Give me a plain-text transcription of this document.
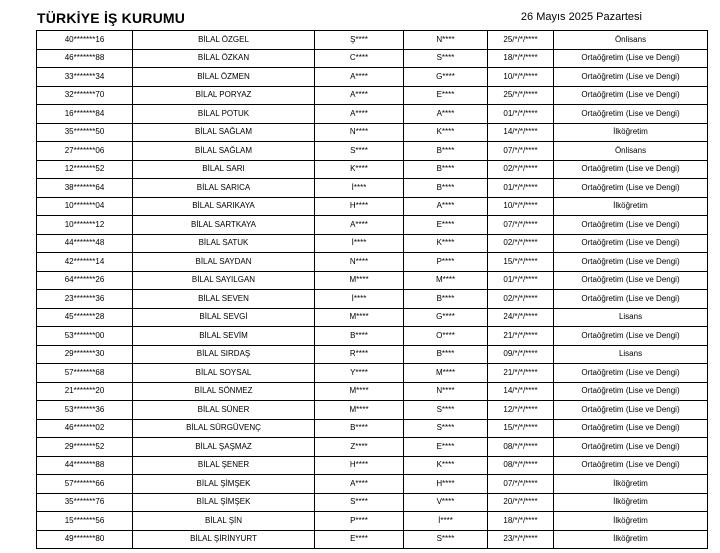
TÜRKİYE İŞ KURUMU	26 Mayıs 2025 Pazartesi
40*******16	BİLAL ÖZGEL	Ş****	N****	25/*/*/****	Önlisans
46*******88	BİLAL ÖZKAN	C****	S****	18/*/*/****	Ortaöğretim (Lise ve Dengi)
33*******34	BİLAL ÖZMEN	A****	G****	10/*/*/****	Ortaöğretim (Lise ve Dengi)
32*******70	BİLAL PORYAZ	A****	E****	25/*/*/****	Ortaöğretim (Lise ve Dengi)
16*******84	BİLAL POTUK	A****	A****	01/*/*/****	Ortaöğretim (Lise ve Dengi)
35*******50	BİLAL SAĞLAM	N****	K****	14/*/*/****	İlköğretim
27*******06	BİLAL SAĞLAM	S****	B****	07/*/*/****	Önlisans
12*******52	BİLAL SARI	K****	B****	02/*/*/****	Ortaöğretim (Lise ve Dengi)
38*******64	BİLAL SARICA	İ****	B****	01/*/*/****	Ortaöğretim (Lise ve Dengi)
10*******04	BİLAL SARIKAYA	H****	A****	10/*/*/****	İlköğretim
10*******12	BİLAL SARTKAYA	A****	E****	07/*/*/****	Ortaöğretim (Lise ve Dengi)
44*******48	BİLAL SATUK	İ****	K****	02/*/*/****	Ortaöğretim (Lise ve Dengi)
42*******14	BİLAL SAYDAN	N****	P****	15/*/*/****	Ortaöğretim (Lise ve Dengi)
64*******26	BİLAL SAYILGAN	M****	M****	01/*/*/****	Ortaöğretim (Lise ve Dengi)
23*******36	BİLAL SEVEN	İ****	B****	02/*/*/****	Ortaöğretim (Lise ve Dengi)
45*******28	BİLAL SEVGİ	M****	G****	24/*/*/****	Lisans
53*******00	BİLAL SEVİM	B****	O****	21/*/*/****	Ortaöğretim (Lise ve Dengi)
29*******30	BİLAL SIRDAŞ	R****	B****	09/*/*/****	Lisans
57*******68	BİLAL SOYSAL	Y****	M****	21/*/*/****	Ortaöğretim (Lise ve Dengi)
21*******20	BİLAL SÖNMEZ	M****	N****	14/*/*/****	Ortaöğretim (Lise ve Dengi)
53*******36	BİLAL SÜNER	M****	S****	12/*/*/****	Ortaöğretim (Lise ve Dengi)
46*******02	BİLAL SÜRGÜVENÇ	B****	S****	15/*/*/****	Ortaöğretim (Lise ve Dengi)
29*******52	BİLAL ŞAŞMAZ	Z****	E****	08/*/*/****	Ortaöğretim (Lise ve Dengi)
44*******88	BİLAL ŞENER	H****	K****	08/*/*/****	Ortaöğretim (Lise ve Dengi)
57*******66	BİLAL ŞİMŞEK	A****	H****	07/*/*/****	İlköğretim
35*******76	BİLAL ŞİMŞEK	S****	V****	20/*/*/****	İlköğretim
15*******56	BİLAL ŞİN	P****	İ****	18/*/*/****	İlköğretim
49*******80	BİLAL ŞİRİNYURT	E****	S****	23/*/*/****	İlköğretim
